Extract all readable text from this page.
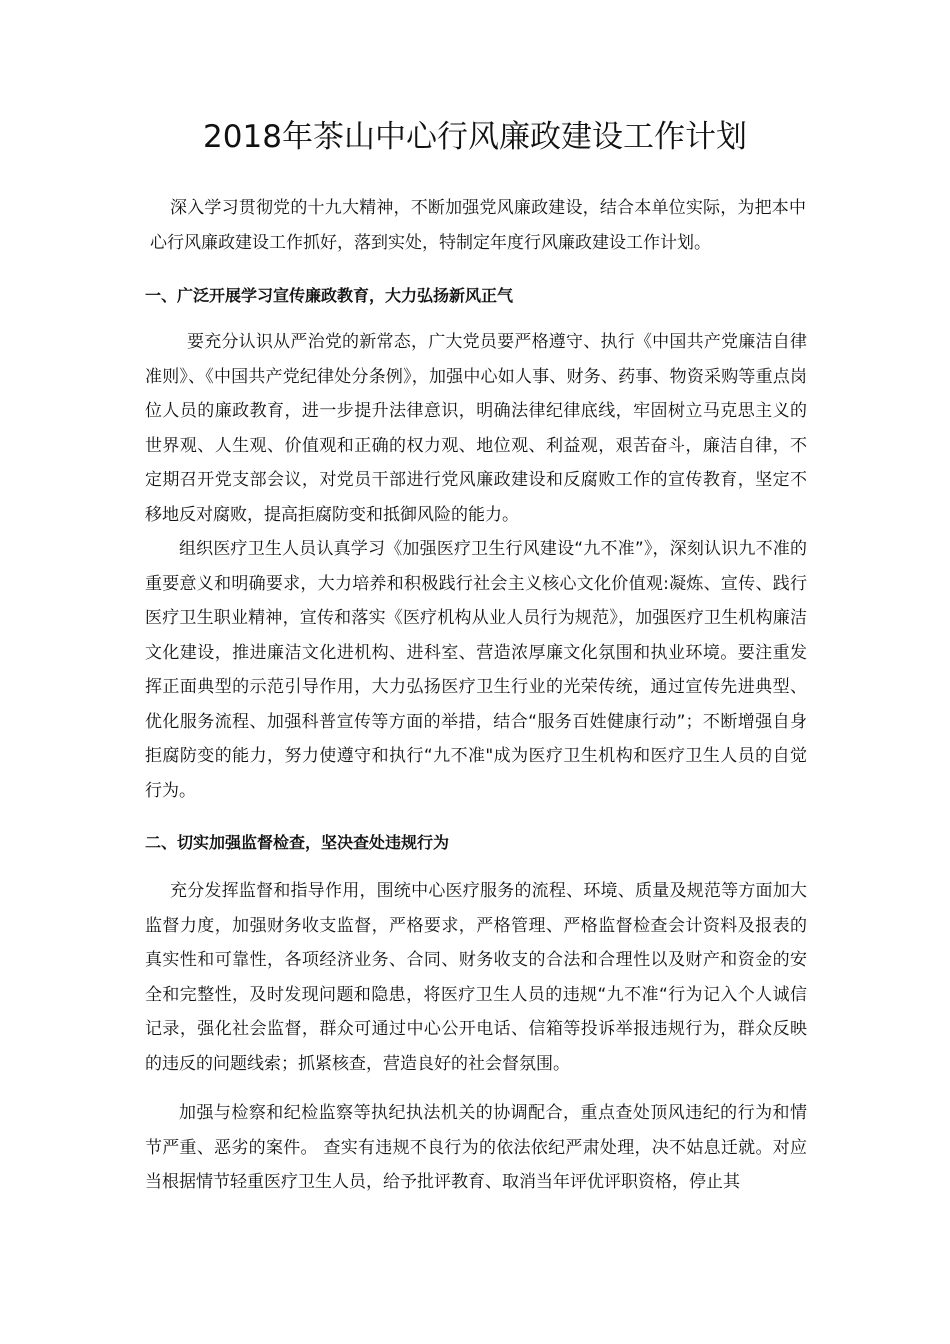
2018年茶山中心行风廉政建设工作计划

深入学习贯彻党的十九大精神，不断加强党风廉政建设，结合本单位实际，为把本中心行风廉政建设工作抓好，落到实处，特制定年度行风廉政建设工作计划。

一、广泛开展学习宣传廉政教育，大力弘扬新风正气

要充分认识从严治党的新常态，广大党员要严格遵守、执行《中国共产党廉洁自律准则》、《中国共产党纪律处分条例》，加强中心如人事、财务、药事、物资采购等重点岗位人员的廉政教育，进一步提升法律意识，明确法律纪律底线，牢固树立马克思主义的世界观、人生观、价值观和正确的权力观、地位观、利益观，艰苦奋斗，廉洁自律，不定期召开党支部会议，对党员干部进行党风廉政建设和反腐败工作的宣传教育，坚定不移地反对腐败，提高拒腐防变和抵御风险的能力。

组织医疗卫生人员认真学习《加强医疗卫生行风建设“九不准”》，深刻认识九不准的重要意义和明确要求，大力培养和积极践行社会主义核心文化价值观:凝炼、宣传、践行医疗卫生职业精神，宣传和落实《医疗机构从业人员行为规范》，加强医疗卫生机构廉洁文化建设，推进廉洁文化进机构、进科室、营造浓厚廉文化氛围和执业环境。要注重发挥正面典型的示范引导作用，大力弘扬医疗卫生行业的光荣传统，通过宣传先进典型、优化服务流程、加强科普宣传等方面的举措，结合“服务百姓健康行动”；不断增强自身拒腐防变的能力，努力使遵守和执行“九不准"成为医疗卫生机构和医疗卫生人员的自觉行为。

二、切实加强监督检查，坚决查处违规行为

充分发挥监督和指导作用，围统中心医疗服务的流程、环境、质量及规范等方面加大监督力度，加强财务收支监督，严格要求，严格管理、严格监督检查会计资料及报表的真实性和可靠性，各项经济业务、合同、财务收支的合法和合理性以及财产和资金的安全和完整性，及时发现问题和隐患，将医疗卫生人员的违规“九不准“行为记入个人诚信记录，强化社会监督，群众可通过中心公开电话、信箱等投诉举报违规行为，群众反映的违反的问题线索；抓紧核查，营造良好的社会督氛围。

加强与检察和纪检监察等执纪执法机关的协调配合，重点查处顶风违纪的行为和情节严重、恶劣的案件。 查实有违规不良行为的依法依纪严肃处理，决不姑息迁就。对应当根据情节轻重医疗卫生人员，给予批评教育、取消当年评优评职资格，停止其
